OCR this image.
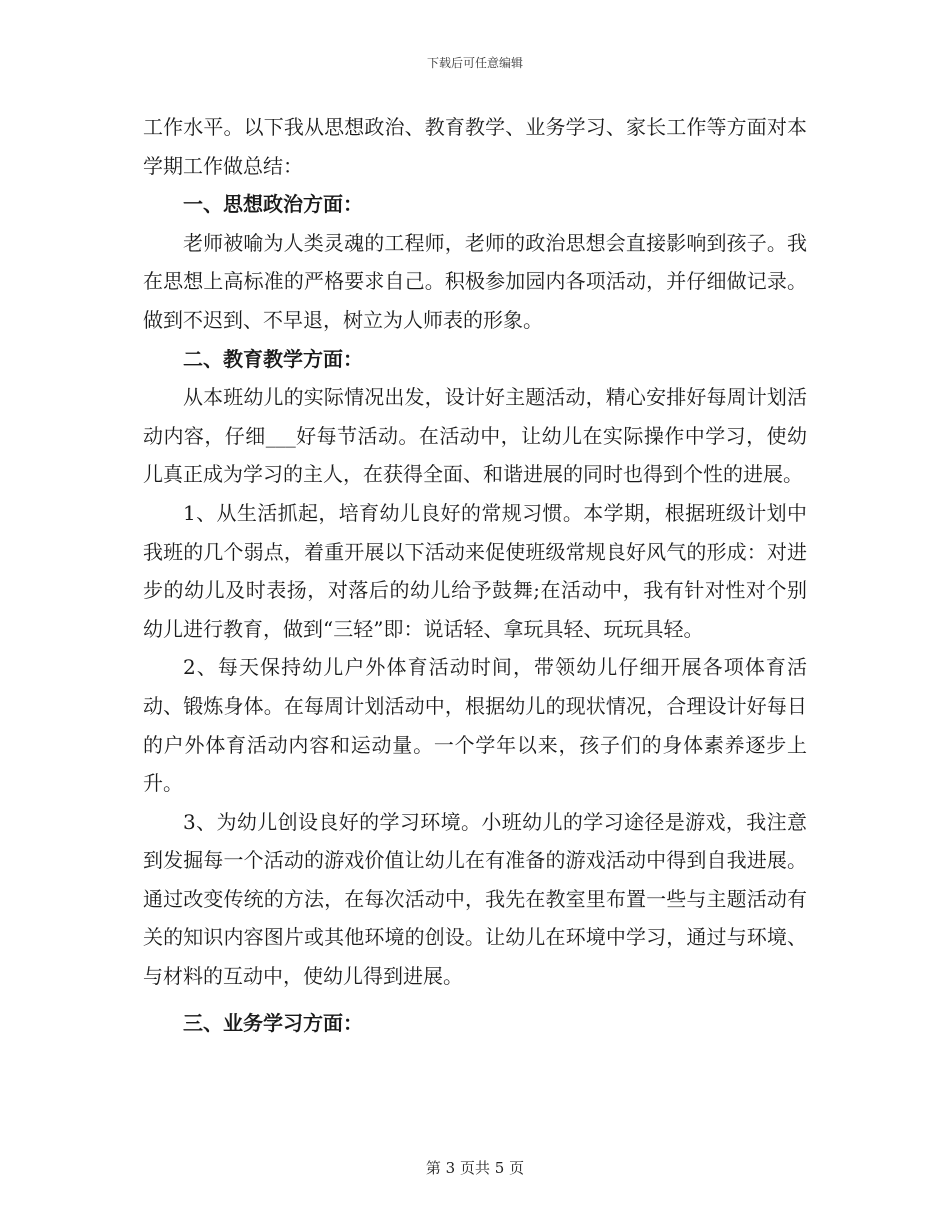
下载后可任意编辑

工作水平。以下我从思想政治、教育教学、业务学习、家长工作等方面对本学期工作做总结：

一、思想政治方面：

老师被喻为人类灵魂的工程师，老师的政治思想会直接影响到孩子。我在思想上高标准的严格要求自己。积极参加园内各项活动，并仔细做记录。做到不迟到、不早退，树立为人师表的形象。

二、教育教学方面：

从本班幼儿的实际情况出发，设计好主题活动，精心安排好每周计划活动内容，仔细___好每节活动。在活动中，让幼儿在实际操作中学习，使幼儿真正成为学习的主人，在获得全面、和谐进展的同时也得到个性的进展。

1、从生活抓起，培育幼儿良好的常规习惯。本学期，根据班级计划中我班的几个弱点，着重开展以下活动来促使班级常规良好风气的形成：对进步的幼儿及时表扬，对落后的幼儿给予鼓舞;在活动中，我有针对性对个别幼儿进行教育，做到“三轻”即：说话轻、拿玩具轻、玩玩具轻。

2、每天保持幼儿户外体育活动时间，带领幼儿仔细开展各项体育活动、锻炼身体。在每周计划活动中，根据幼儿的现状情况，合理设计好每日的户外体育活动内容和运动量。一个学年以来，孩子们的身体素养逐步上升。

3、为幼儿创设良好的学习环境。小班幼儿的学习途径是游戏，我注意到发掘每一个活动的游戏价值让幼儿在有准备的游戏活动中得到自我进展。通过改变传统的方法，在每次活动中，我先在教室里布置一些与主题活动有关的知识内容图片或其他环境的创设。让幼儿在环境中学习，通过与环境、与材料的互动中，使幼儿得到进展。

三、业务学习方面：

第 3 页共 5 页
